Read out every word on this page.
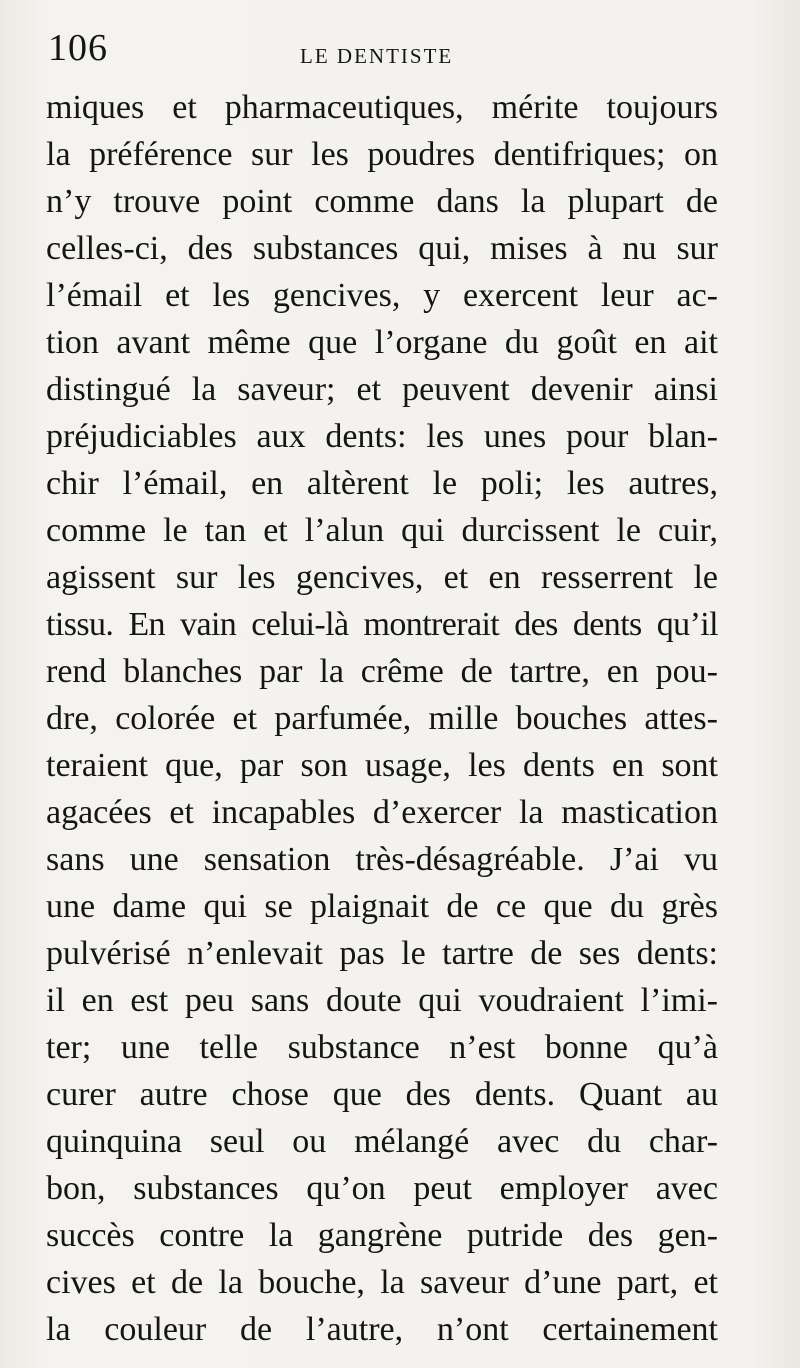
106	LE DENTISTE
miques et pharmaceutiques, mérite toujours
la préférence sur les poudres dentifriques; on
n’y trouve point comme dans la plupart de
celles-ci, des substances qui, mises à nu sur
l’émail et les gencives, y exercent leur ac-
tion avant même que l’organe du goût en ait
distingué la saveur; et peuvent devenir ainsi
préjudiciables aux dents: les unes pour blan-
chir l’émail, en altèrent le poli; les autres,
comme le tan et l’alun qui durcissent le cuir,
agissent sur les gencives, et en resserrent le
tissu. En vain celui-là montrerait des dents qu’il
rend blanches par la crême de tartre, en pou-
dre, colorée et parfumée, mille bouches attes-
teraient que, par son usage, les dents en sont
agacées et incapables d’exercer la mastication
sans une sensation très-désagréable. J’ai vu
une dame qui se plaignait de ce que du grès
pulvérisé n’enlevait pas le tartre de ses dents:
il en est peu sans doute qui voudraient l’imi-
ter; une telle substance n’est bonne qu’à
curer autre chose que des dents. Quant au
quinquina seul ou mélangé avec du char-
bon, substances qu’on peut employer avec
succès contre la gangrène putride des gen-
cives et de la bouche, la saveur d’une part, et
la couleur de l’autre, n’ont certainement
